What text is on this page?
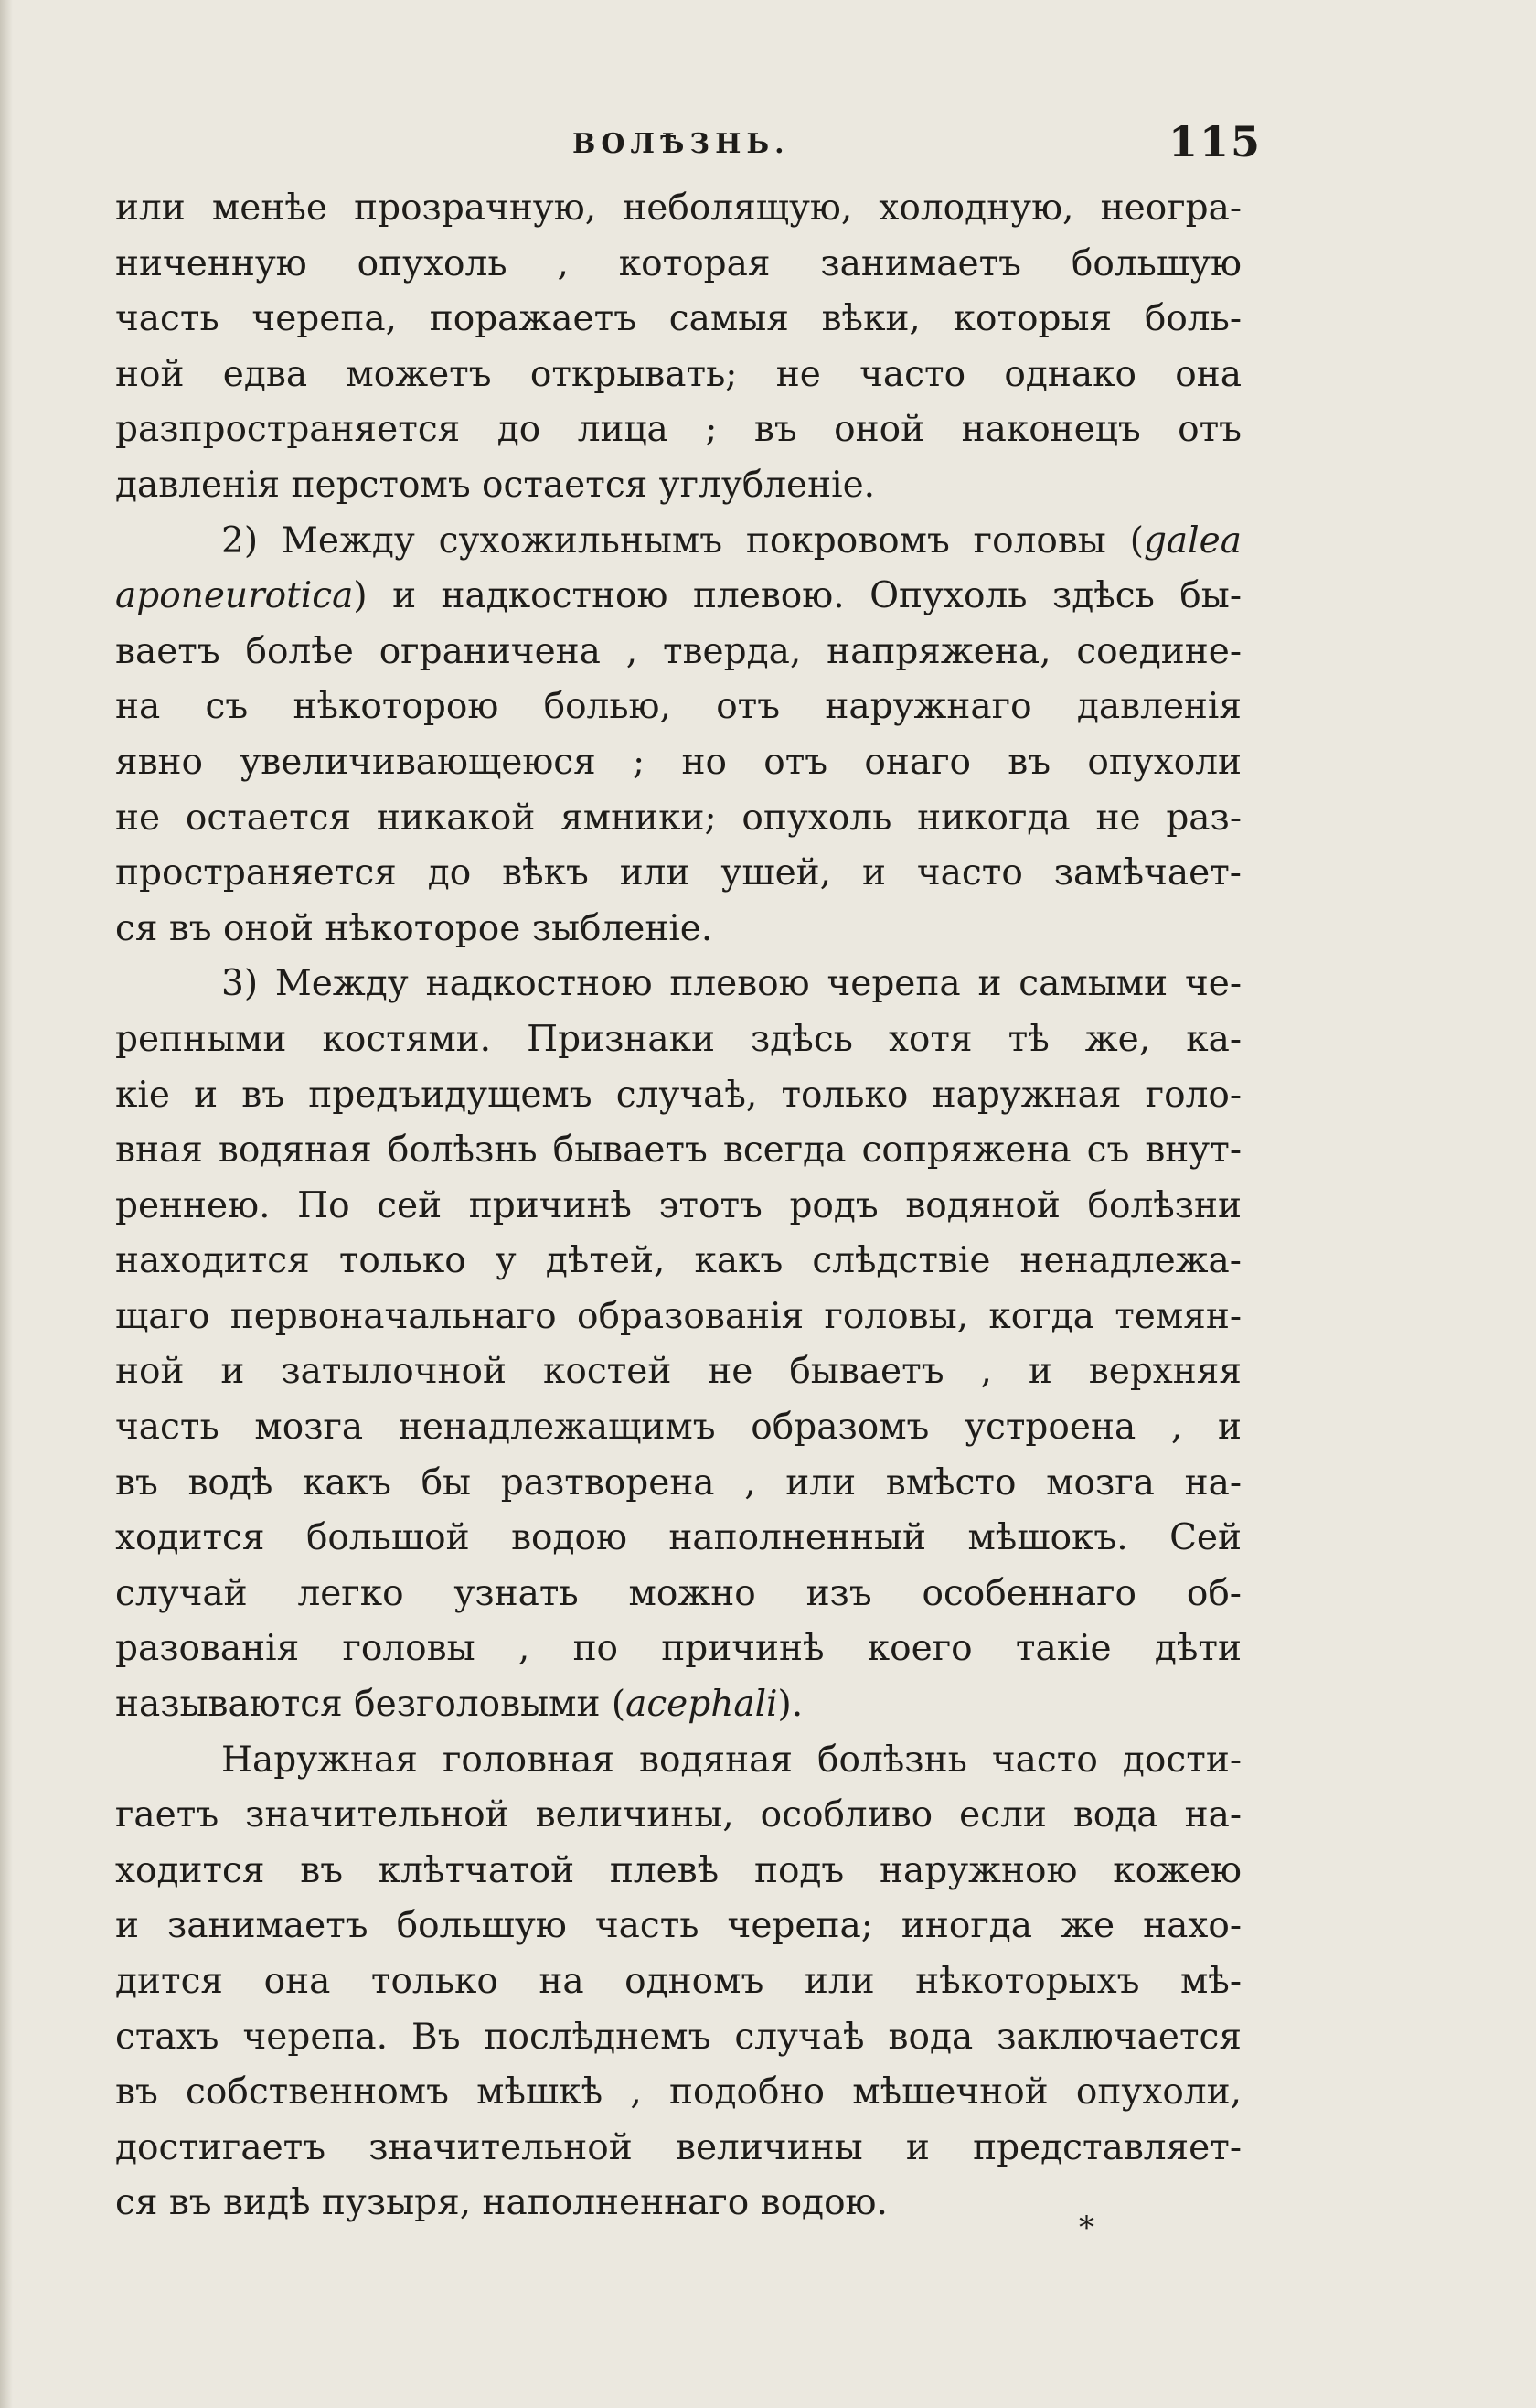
ВОЛѢЗНЬ.	115
или менѣе прозрачную, неболящую, холодную, неогра-
ниченную опухоль , которая занимаетъ большую
часть черепа, поражаетъ самыя вѣки, которыя боль-
ной едва можетъ открывать; не часто однако она
разпространяется до лица ; въ оной наконецъ отъ
давленія перстомъ остается углубленіе.
2) Между сухожильнымъ покровомъ головы (galea
aponeurotica) и надкостною плевою. Опухоль здѣсь бы-
ваетъ болѣе ограничена , тверда, напряжена, соедине-
на съ нѣкоторою болью, отъ наружнаго давленія
явно увеличивающеюся ; но отъ онаго въ опухоли
не остается никакой ямники; опухоль никогда не раз-
пространяется до вѣкъ или ушей, и часто замѣчает-
ся въ оной нѣкоторое зыбленіе.
3) Между надкостною плевою черепа и самыми че-
репными костями. Признаки здѣсь хотя тѣ же, ка-
кіе и въ предъидущемъ случаѣ, только наружная голо-
вная водяная болѣзнь бываетъ всегда сопряжена съ внут-
реннею. По сей причинѣ этотъ родъ водяной болѣзни
находится только у дѣтей, какъ слѣдствіе ненадлежа-
щаго первоначальнаго образованія головы, когда темян-
ной и затылочной костей не бываетъ , и верхняя
часть мозга ненадлежащимъ образомъ устроена , и
въ водѣ какъ бы разтворена , или вмѣсто мозга на-
ходится большой водою наполненный мѣшокъ. Сей
случай легко узнать можно изъ особеннаго об-
разованія головы , по причинѣ коего такіе дѣти
называются безголовыми (acephali).
Наружная головная водяная болѣзнь часто дости-
гаетъ значительной величины, особливо если вода на-
ходится въ клѣтчатой плевѣ подъ наружною кожею
и занимаетъ большую часть черепа; иногда же нахо-
дится она только на одномъ или нѣкоторыхъ мѣ-
стахъ черепа. Въ послѣднемъ случаѣ вода заключается
въ собственномъ мѣшкѣ , подобно мѣшечной опухоли,
достигаетъ значительной величины и представляет-
ся въ видѣ пузыря, наполненнаго водою.
*
